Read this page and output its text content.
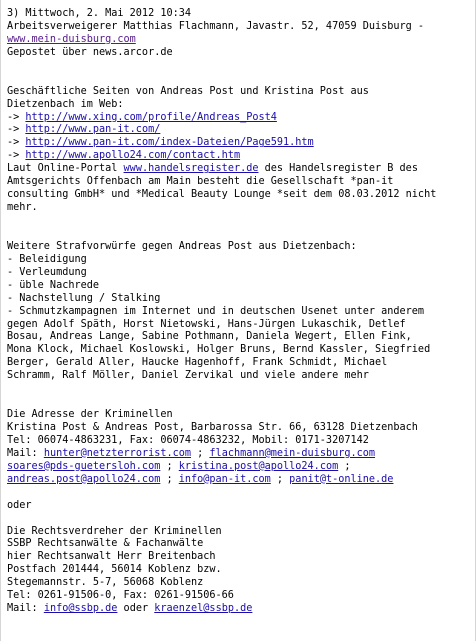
3) Mittwoch, 2. Mai 2012 10:34
Arbeitsverweigerer Matthias Flachmann, Javastr. 52, 47059 Duisburg -
www.mein-duisburg.com
Gepostet über news.arcor.de

Geschäftliche Seiten von Andreas Post und Kristina Post aus
Dietzenbach im Web:
-> http://www.xing.com/profile/Andreas_Post4
-> http://www.pan-it.com/
-> http://www.pan-it.com/index-Dateien/Page591.htm
-> http://www.apollo24.com/contact.htm
Laut Online-Portal www.handelsregister.de des Handelsregister B des
Amtsgerichts Offenbach am Main besteht die Gesellschaft *pan-it
consulting GmbH* und *Medical Beauty Lounge *seit dem 08.03.2012 nicht
mehr.

Weitere Strafvorwürfe gegen Andreas Post aus Dietzenbach:
- Beleidigung
- Verleumdung
- üble Nachrede
- Nachstellung / Stalking
- Schmutzkampagnen im Internet und in deutschen Usenet unter anderem
gegen Adolf Späth, Horst Nietowski, Hans-Jürgen Lukaschik, Detlef
Bosau, Andreas Lange, Sabine Pothmann, Daniela Wegert, Ellen Fink,
Mona Klock, Michael Koslowski, Holger Bruns, Bernd Kassler, Siegfried
Berger, Gerald Aller, Haucke Hagenhoff, Frank Schmidt, Michael
Schramm, Ralf Möller, Daniel Zervikal und viele andere mehr

Die Adresse der Kriminellen
Kristina Post & Andreas Post, Barbarossa Str. 66, 63128 Dietzenbach
Tel: 06074-4863231, Fax: 06074-4863232, Mobil: 0171-3207142
Mail: hunter@netzterrorist.com ; flachmann@mein-duisburg.com
soares@pds-guetersloh.com ; kristina.post@apollo24.com ;
andreas.post@apollo24.com ; info@pan-it.com ; panit@t-online.de

oder

Die Rechtsverdreher der Kriminellen
SSBP Rechtsanwälte & Fachanwälte
hier Rechtsanwalt Herr Breitenbach
Postfach 201444, 56014 Koblenz bzw.
Stegemannstr. 5-7, 56068 Koblenz
Tel: 0261-91506-0, Fax: 0261-91506-66
Mail: info@ssbp.de oder kraenzel@ssbp.de
